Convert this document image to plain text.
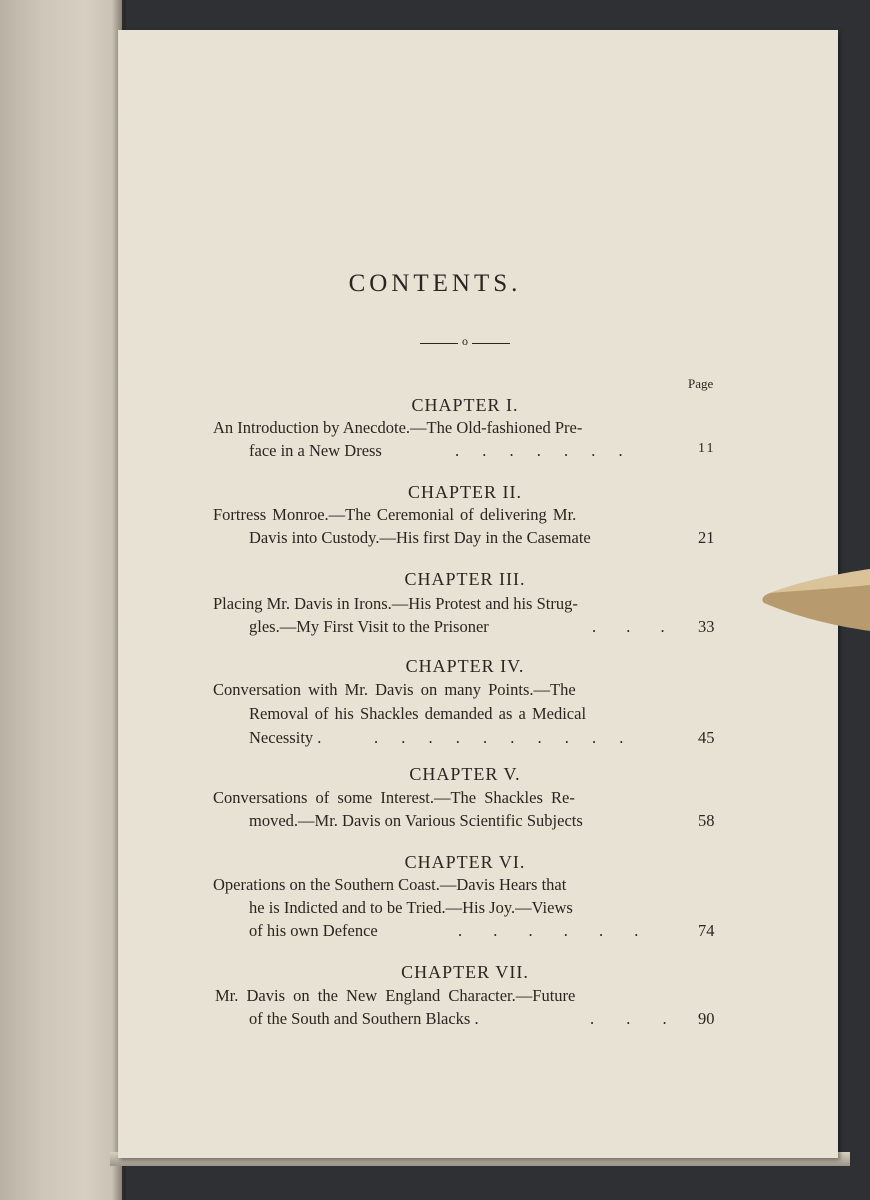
CONTENTS.
o
Page
CHAPTER I.
An Introduction by Anecdote.—The Old-fashioned Pre-
face in a New Dress	. . . . . . .	11
CHAPTER II.
Fortress Monroe.—The Ceremonial of delivering Mr.
Davis into Custody.—His first Day in the Casemate	21
CHAPTER III.
Placing Mr. Davis in Irons.—His Protest and his Strug-
gles.—My First Visit to the Prisoner	. . . 33
CHAPTER IV.
Conversation with Mr. Davis on many Points.—The
Removal of his Shackles demanded as a Medical
Necessity .	. . . . . . . . . .	45
CHAPTER V.
Conversations of some Interest.—The Shackles Re-
moved.—Mr. Davis on Various Scientific Subjects	58
CHAPTER VI.
Operations on the Southern Coast.—Davis Hears that
he is Indicted and to be Tried.—His Joy.—Views
of his own Defence	. . . . . .	74
CHAPTER VII.
Mr. Davis on the New England Character.—Future
of the South and Southern Blacks .	. . . 90
